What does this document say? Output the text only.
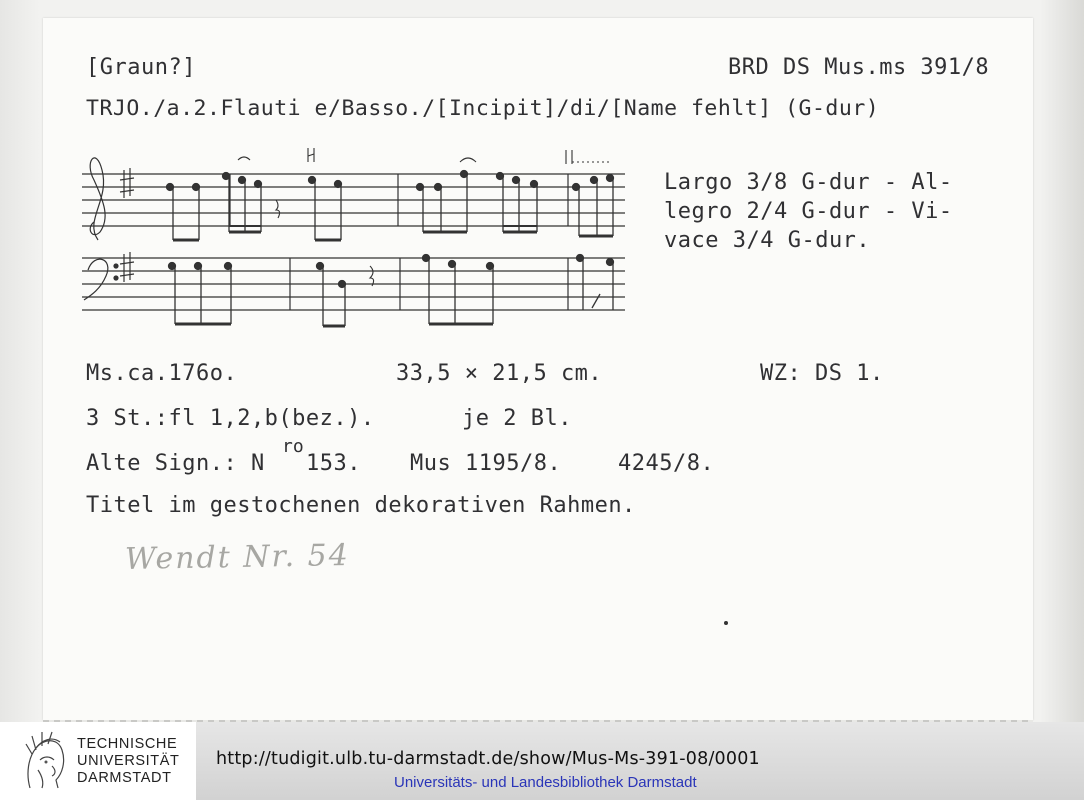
[Graun?]	BRD DS Mus.ms 391/8
TRJO./a.2.Flauti e/Basso./[Incipit]/di/[Name fehlt] (G-dur)
Largo 3/8 G-dur - Al-
legro 2/4 G-dur - Vi-
vace 3/4 G-dur.
Ms.ca.176o.	33,5 × 21,5 cm.	WZ: DS 1.
3 St.:fl 1,2,b(bez.).	je 2 Bl.
Alte Sign.: N
ro
153. Mus 1195/8.	4245/8.
Titel im gestochenen dekorativen Rahmen.
Wendt Nr. 54
TECHNISCHE
UNIVERSITÄT
DARMSTADT
http://tudigit.ulb.tu-darmstadt.de/show/Mus-Ms-391-08/0001
Universitäts- und Landesbibliothek Darmstadt
